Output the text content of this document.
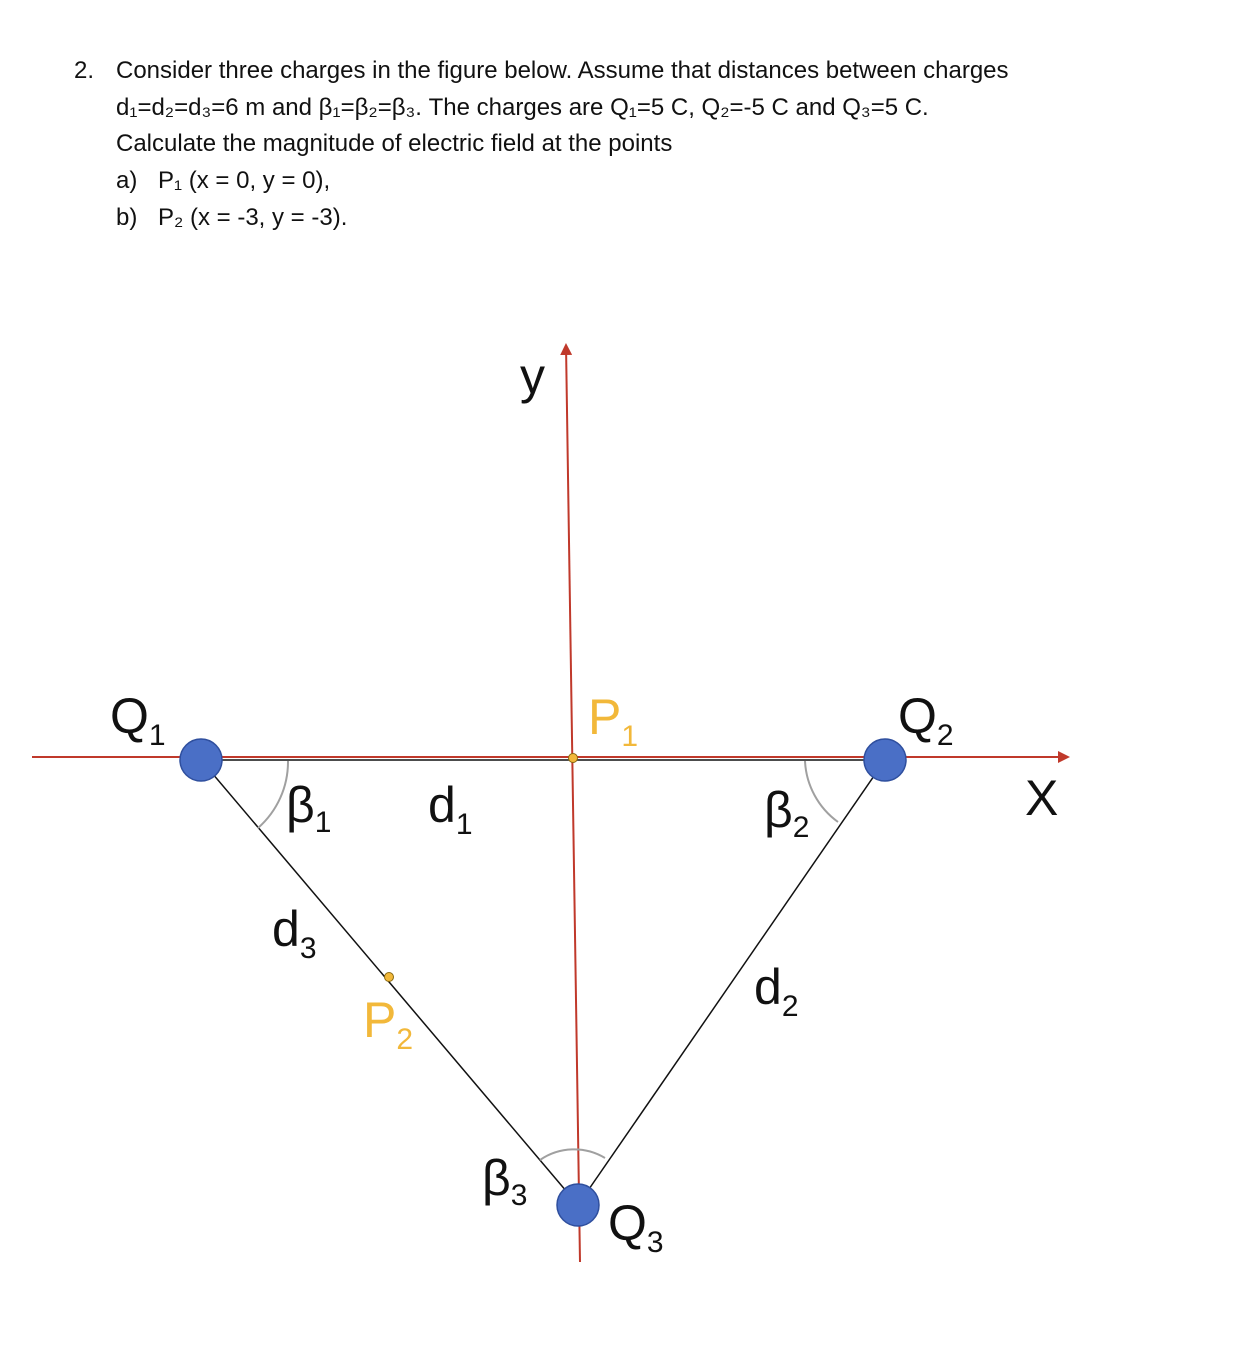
2. Consider three charges in the figure below. Assume that distances between charges
d₁=d₂=d₃=6 m and β₁=β₂=β₃. The charges are Q₁=5 C, Q₂=-5 C and Q₃=5 C.
Calculate the magnitude of electric field at the points
a) P₁ (x = 0, y = 0),
b) P₂ (x = -3, y = -3).
y
X
Q1	Q2
Q3
P1
P2
d1
d2
d3
β1	β2
β3
